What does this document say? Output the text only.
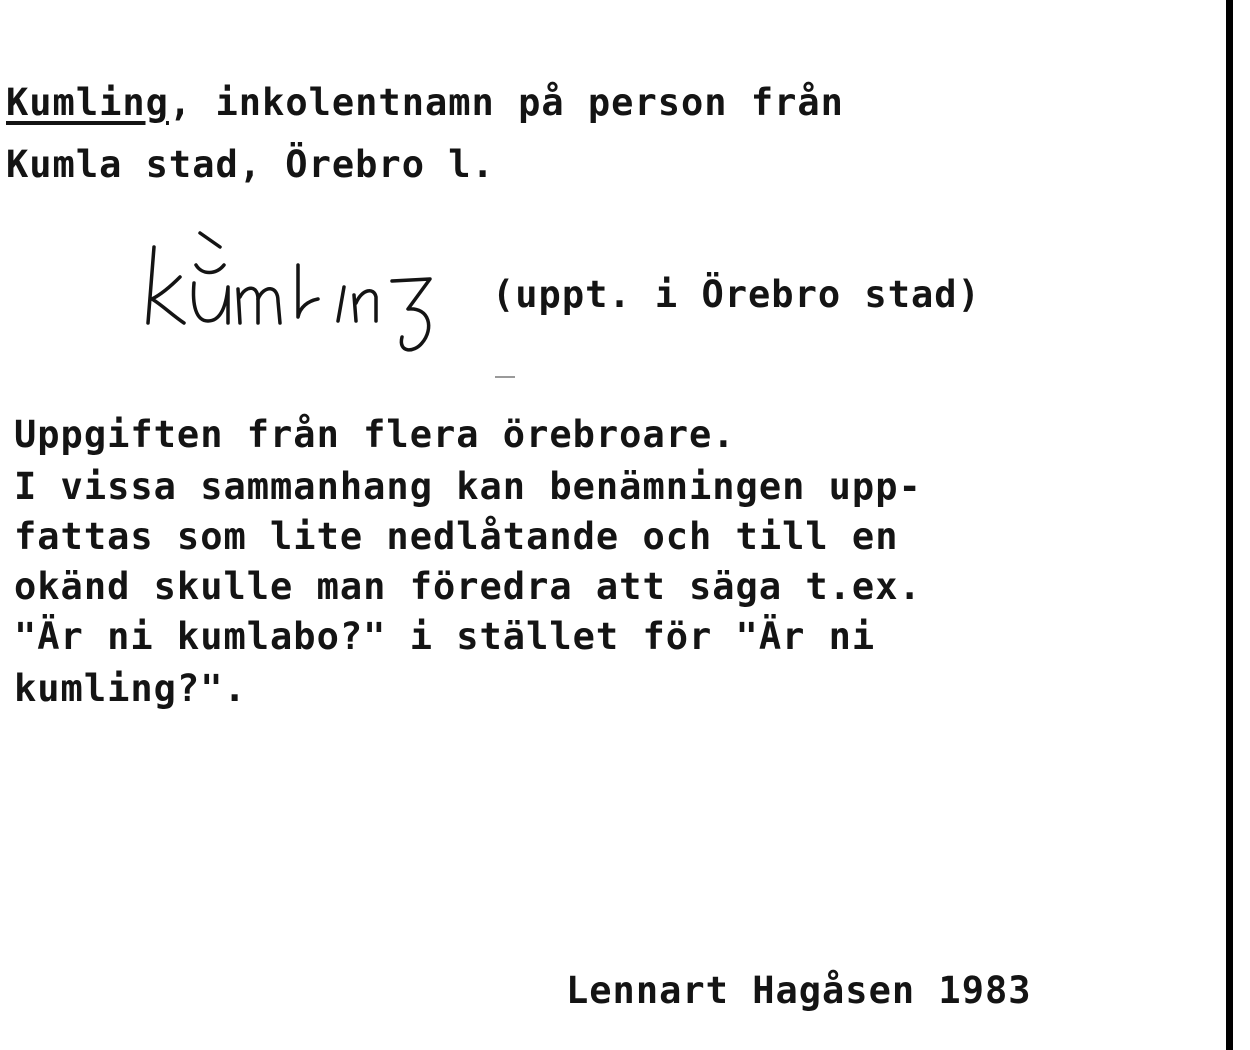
Kumling, inkolentnamn på person från
Kumla stad, Örebro l.
(uppt. i Örebro stad)
Uppgiften från flera örebroare.
I vissa sammanhang kan benämningen upp-
fattas som lite nedlåtande och till en
okänd skulle man föredra att säga t.ex.
"Är ni kumlabo?" i stället för "Är ni
kumling?".
Lennart Hagåsen 1983
